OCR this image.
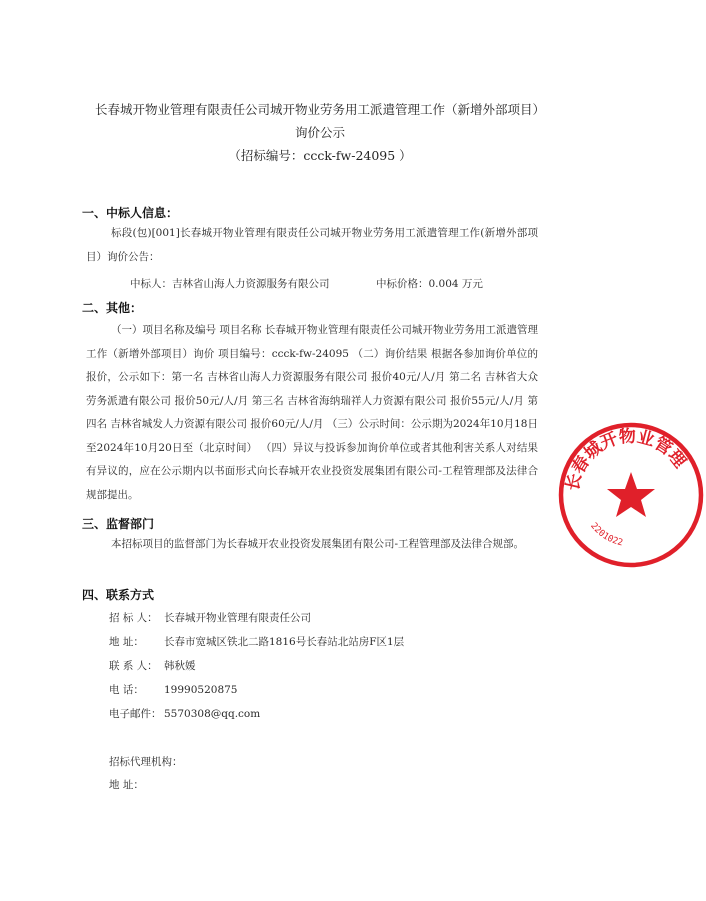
长春城开物业管理有限责任公司城开物业劳务用工派遣管理工作（新增外部项目）询价公示
（招标编号：ccck-fw-24095 ）
一、中标人信息：
标段(包)[001]长春城开物业管理有限责任公司城开物业劳务用工派遣管理工作(新增外部项目）询价公告：
中标人：吉林省山海人力资源服务有限公司	中标价格：0.004 万元
二、其他：
（一）项目名称及编号 项目名称 长春城开物业管理有限责任公司城开物业劳务用工派遣管理工作（新增外部项目）询价 项目编号：ccck-fw-24095 （二）询价结果 根据各参加询价单位的报价，公示如下：第一名 吉林省山海人力资源服务有限公司 报价40元/人/月 第二名 吉林省大众劳务派遣有限公司 报价50元/人/月 第三名 吉林省海纳瑞祥人力资源有限公司 报价55元/人/月 第四名 吉林省城发人力资源有限公司 报价60元/人/月 （三）公示时间：公示期为2024年10月18日至2024年10月20日至（北京时间） （四）异议与投诉参加询价单位或者其他利害关系人对结果有异议的，应在公示期内以书面形式向长春城开农业投资发展集团有限公司-工程管理部及法律合规部提出。
三、监督部门
本招标项目的监督部门为长春城开农业投资发展集团有限公司-工程管理部及法律合规部。
四、联系方式
招 标 人： 长春城开物业管理有限责任公司
地 址： 长春市宽城区铁北二路1816号长春站北站房F区1层
联 系 人： 韩秋媛
电 话： 19990520875
电子邮件： 5570308@qq.com
招标代理机构：
地 址：
长春城开物业管理
2201022
